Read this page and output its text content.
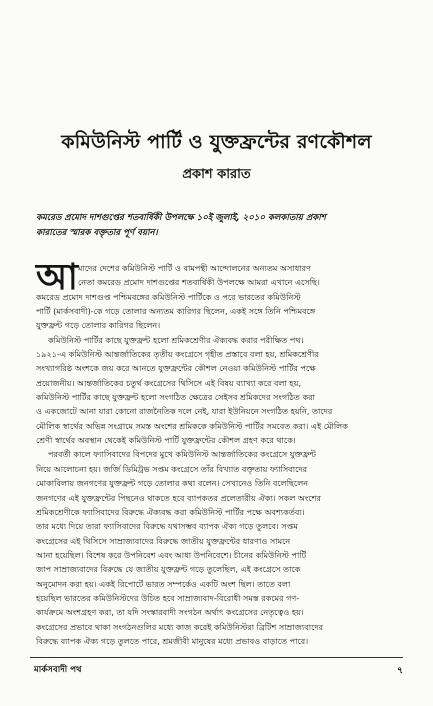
কমিউনিস্ট পার্টি ও যুক্তফ্রন্টের রণকৌশল
প্রকাশ কারাত
কমরেড প্রমোদ দাশগুপ্তের শতবার্ষিকী উপলক্ষে ১০ই জুলাই, ২০১০ কলকাতায় প্রকাশ
কারাতের স্মারক বক্তৃতার পূর্ণ বয়ান।
আ মাদের দেশের কমিউনিস্ট পার্টি ও বামপন্থী আন্দোলনের অন্যতম অসাধারণ
নেতা কমরেড প্রমোদ দাশগুপ্তের শতবার্ষিকী উপলক্ষে আমরা এখানে এসেছি।
কমরেড প্রমোদ দাশগুপ্ত পশ্চিমবঙ্গের কমিউনিস্ট পার্টিকে ও পরে ভারতের কমিউনিস্ট
পার্টি (মার্কসবাদী)-কে গড়ে তোলার অন্যতম কারিগর ছিলেন, একই সঙ্গে তিনি পশ্চিমবঙ্গে
যুক্তফ্রন্ট গড়ে তোলার কারিগর ছিলেন।
কমিউনিস্ট পার্টির কাছে যুক্তফ্রন্ট হলো শ্রমিকশ্রেণীর ঐক্যবদ্ধ করার পরীক্ষিত পথ।
১৯২১-এ কমিউনিস্ট আন্তর্জাতিকের তৃতীয় কংগ্রেসে গৃহীত প্রস্তাবে বলা হয়, শ্রমিকশ্রেণীর
সংখ্যাগরিষ্ঠ অংশকে জয় করে আনতে যুক্তফ্রন্টের কৌশল নেওয়া কমিউনিস্ট পার্টির পক্ষে
প্রয়োজনীয়। আন্তর্জাতিকের চতুর্থ কংগ্রেসের থিসিসে এই বিষয় ব্যাখ্যা করে বলা হয়,
কমিউনিস্ট পার্টির কাছে যুক্তফ্রন্ট হলো সংগঠিত ক্ষেত্রের সেইসব শ্রমিকদের সংগঠিত করা
ও একজোটে আনা যারা কোনো রাজনৈতিক দলে নেই, যারা ইউনিয়নে সংগঠিত হয়নি, তাদের
মৌলিক স্বার্থের অভিন্ন সংগ্রামে সমস্ত অংশের শ্রমিককে কমিউনিস্ট পার্টির সমবেত করা। এই মৌলিক
শ্রেণী স্বার্থের অবস্থান থেকেই কমিউনিস্ট পার্টি যুক্তফ্রন্টের কৌশল গ্রহণ করে থাকে।
পরবর্তী কালে ফ্যাসিবাদের বিপদের মুখে কমিউনিস্ট আন্তর্জাতিকের কংগ্রেসে যুক্তফ্রন্ট
নিয়ে আলোচনা হয়। জর্জি ডিমিট্রভ সপ্তম কংগ্রেসে তাঁর বিখ্যাত বক্তৃতায় ফ্যাসিবাদের
মোকাবিলায় জনগণের যুক্তফ্রন্ট গড়ে তোলার কথা বলেন। সেখানেও তিনি বলেছিলেন
জনগণের এই যুক্তফ্রন্টের পিছনেও থাকতে হবে ব্যাপকতর প্রলেতারীয় ঐক্য। সকল অংশের
শ্রমিকশ্রেণীকে ফ্যাসিবাদের বিরুদ্ধে ঐক্যবদ্ধ করা কমিউনিস্ট পার্টির পক্ষে অবশ্যকর্তব্য।
তার মধ্যে দিয়ে তারা ফ্যাসিবাদের বিরুদ্ধে যথাসম্ভব ব্যাপক ঐক্য গড়ে তুলবে। সপ্তম
কংগ্রেসের এই থিসিসে সাম্রাজ্যবাদের বিরুদ্ধে জাতীয় যুক্তফ্রন্টের ধারণাও সামনে
আনা হয়েছিল। বিশেষ করে উপনিবেশ এবং আধা উপনিবেশে। চীনের কমিউনিস্ট পার্টি
জাপ সাম্রাজ্যবাদের বিরুদ্ধে যে জাতীয় যুক্তফ্রন্ট গড়ে তুলেছিল, এই কংগ্রেসে তাকে
অনুমোদন করা হয়। একই রিপোর্টে ভারত সম্পর্কেও একটি অংশ ছিল। তাতে বলা
হয়েছিল ভারতের কমিউনিস্টদের উচিত হবে সাম্রাজ্যবাদ-বিরোধী সমস্ত রকমের গণ-
কার্যক্রমে অংশগ্রহণ করা, তা যদি সংস্কারবাদী সংগঠন অর্থাৎ কংগ্রেসের নেতৃত্বেও হয়।
কংগ্রেসের প্রভাবে থাকা সংগঠনগুলির মধ্যে কাজ করেই কমিউনিস্টরা ব্রিটিশ সাম্রাজ্যবাদের
বিরুদ্ধে ব্যাপক ঐক্য গড়ে তুলতে পারে, শ্রমজীবী মানুষের মধ্যে প্রভাবও বাড়াতে পারে।
মার্কসবাদী পথ	৭
